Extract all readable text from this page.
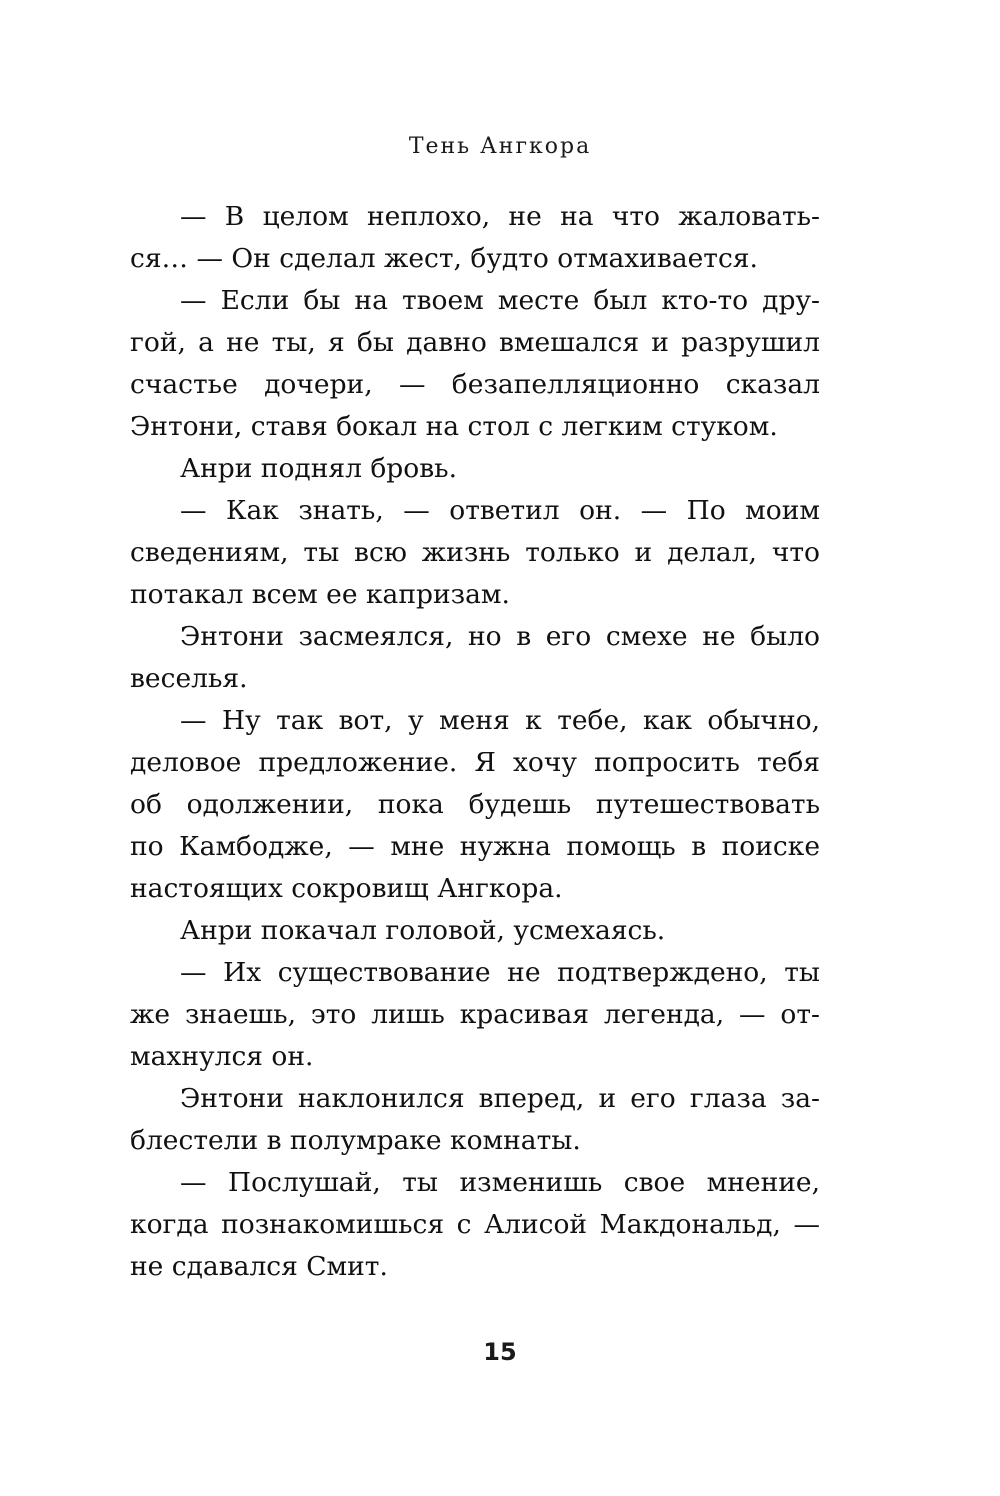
Тень Ангкора
— В целом неплохо, не на что жаловать-
ся… — Он сделал жест, будто отмахивается.
— Если бы на твоем месте был кто-то дру-
гой, а не ты, я бы давно вмешался и разрушил
счастье дочери, — безапелляционно сказал
Энтони, ставя бокал на стол с легким стуком.
Анри поднял бровь.
— Как знать, — ответил он. — По моим
сведениям, ты всю жизнь только и делал, что
потакал всем ее капризам.
Энтони засмеялся, но в его смехе не было
веселья.
— Ну так вот, у меня к тебе, как обычно,
деловое предложение. Я хочу попросить тебя
об одолжении, пока будешь путешествовать
по Камбодже, — мне нужна помощь в поиске
настоящих сокровищ Ангкора.
Анри покачал головой, усмехаясь.
— Их существование не подтверждено, ты
же знаешь, это лишь красивая легенда, — от-
махнулся он.
Энтони наклонился вперед, и его глаза за-
блестели в полумраке комнаты.
— Послушай, ты изменишь свое мнение,
когда познакомишься с Алисой Макдональд, —
не сдавался Смит.
15
